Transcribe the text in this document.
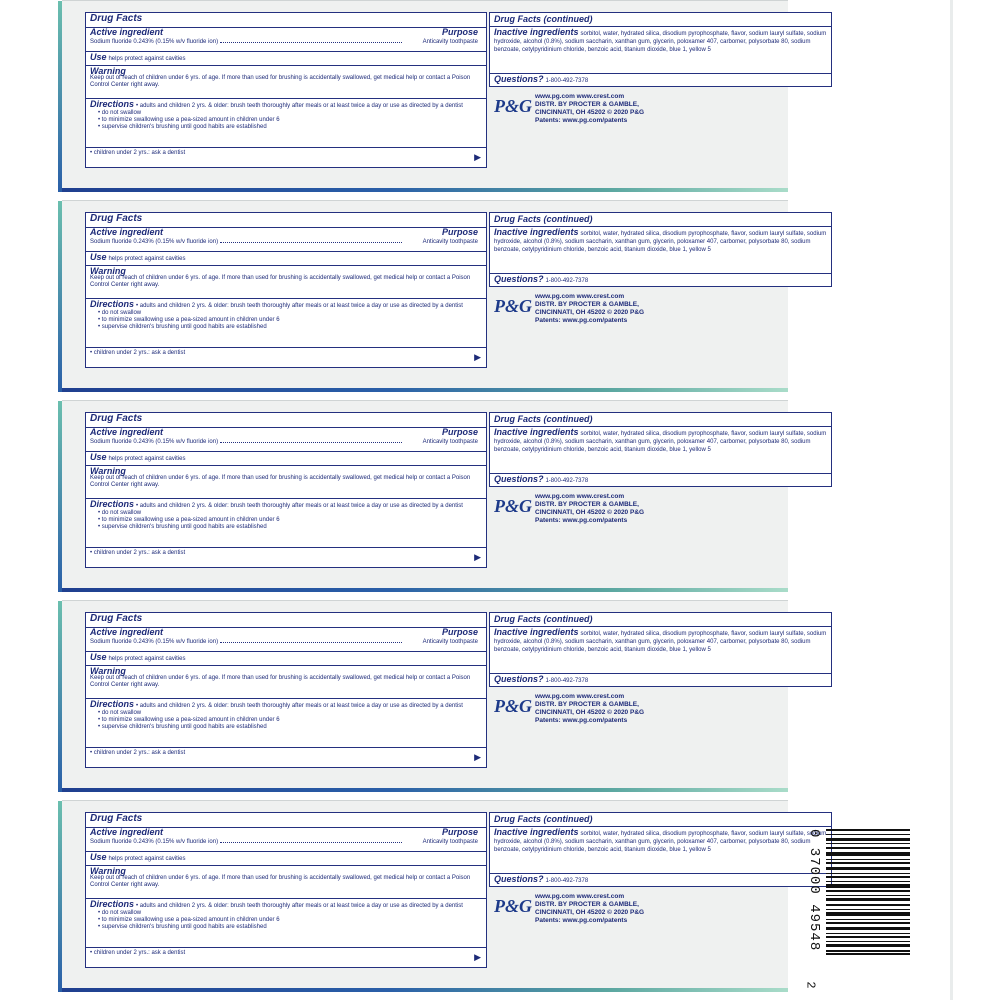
Drug Facts
Active ingredient	Purpose
Sodium fluoride 0.243% (0.15% w/v fluoride ion)	Anticavity toothpaste
Use helps protect against cavities
Warning
Keep out of reach of children under 6 yrs. of age. If more than used for brushing is accidentally swallowed, get medical help or contact a Poison Control Center right away.
Directions • adults and children 2 yrs. & older: brush teeth thoroughly after meals or at least twice a day or use as directed by a dentist
• do not swallow
• to minimize swallowing use a pea-sized amount in children under 6
• supervise children's brushing until good habits are established
• children under 2 yrs.: ask a dentist	▶
Drug Facts (continued)
Inactive ingredients sorbitol, water, hydrated silica, disodium pyrophosphate, flavor, sodium lauryl sulfate, sodium hydroxide, alcohol (0.8%), sodium saccharin, xanthan gum, glycerin, poloxamer 407, carbomer, polysorbate 80, sodium benzoate, cetylpyridinium chloride, benzoic acid, titanium dioxide, blue 1, yellow 5
Questions? 1-800-492-7378
P&G www.pg.com www.crest.com
DISTR. BY PROCTER & GAMBLE,
CINCINNATI, OH 45202 © 2020 P&G
Patents: www.pg.com/patents
Drug Facts
Active ingredient	Purpose
Sodium fluoride 0.243% (0.15% w/v fluoride ion)	Anticavity toothpaste
Use helps protect against cavities
Warning
Keep out of reach of children under 6 yrs. of age. If more than used for brushing is accidentally swallowed, get medical help or contact a Poison Control Center right away.
Directions • adults and children 2 yrs. & older: brush teeth thoroughly after meals or at least twice a day or use as directed by a dentist
• do not swallow
• to minimize swallowing use a pea-sized amount in children under 6
• supervise children's brushing until good habits are established
• children under 2 yrs.: ask a dentist	▶
Drug Facts (continued)
Inactive ingredients sorbitol, water, hydrated silica, disodium pyrophosphate, flavor, sodium lauryl sulfate, sodium hydroxide, alcohol (0.8%), sodium saccharin, xanthan gum, glycerin, poloxamer 407, carbomer, polysorbate 80, sodium benzoate, cetylpyridinium chloride, benzoic acid, titanium dioxide, blue 1, yellow 5
Questions? 1-800-492-7378
P&G www.pg.com www.crest.com
DISTR. BY PROCTER & GAMBLE,
CINCINNATI, OH 45202 © 2020 P&G
Patents: www.pg.com/patents
Drug Facts
Active ingredient	Purpose
Sodium fluoride 0.243% (0.15% w/v fluoride ion)	Anticavity toothpaste
Use helps protect against cavities
Warning
Keep out of reach of children under 6 yrs. of age. If more than used for brushing is accidentally swallowed, get medical help or contact a Poison Control Center right away.
Directions • adults and children 2 yrs. & older: brush teeth thoroughly after meals or at least twice a day or use as directed by a dentist
• do not swallow
• to minimize swallowing use a pea-sized amount in children under 6
• supervise children's brushing until good habits are established
• children under 2 yrs.: ask a dentist	▶
Drug Facts (continued)
Inactive ingredients sorbitol, water, hydrated silica, disodium pyrophosphate, flavor, sodium lauryl sulfate, sodium hydroxide, alcohol (0.8%), sodium saccharin, xanthan gum, glycerin, poloxamer 407, carbomer, polysorbate 80, sodium benzoate, cetylpyridinium chloride, benzoic acid, titanium dioxide, blue 1, yellow 5
Questions? 1-800-492-7378
P&G www.pg.com www.crest.com
DISTR. BY PROCTER & GAMBLE,
CINCINNATI, OH 45202 © 2020 P&G
Patents: www.pg.com/patents
Drug Facts
Active ingredient	Purpose
Sodium fluoride 0.243% (0.15% w/v fluoride ion)	Anticavity toothpaste
Use helps protect against cavities
Warning
Keep out of reach of children under 6 yrs. of age. If more than used for brushing is accidentally swallowed, get medical help or contact a Poison Control Center right away.
Directions • adults and children 2 yrs. & older: brush teeth thoroughly after meals or at least twice a day or use as directed by a dentist
• do not swallow
• to minimize swallowing use a pea-sized amount in children under 6
• supervise children's brushing until good habits are established
• children under 2 yrs.: ask a dentist	▶
Drug Facts (continued)
Inactive ingredients sorbitol, water, hydrated silica, disodium pyrophosphate, flavor, sodium lauryl sulfate, sodium hydroxide, alcohol (0.8%), sodium saccharin, xanthan gum, glycerin, poloxamer 407, carbomer, polysorbate 80, sodium benzoate, cetylpyridinium chloride, benzoic acid, titanium dioxide, blue 1, yellow 5
Questions? 1-800-492-7378
P&G www.pg.com www.crest.com
DISTR. BY PROCTER & GAMBLE,
CINCINNATI, OH 45202 © 2020 P&G
Patents: www.pg.com/patents
Drug Facts
Active ingredient	Purpose
Sodium fluoride 0.243% (0.15% w/v fluoride ion)	Anticavity toothpaste
Use helps protect against cavities
Warning
Keep out of reach of children under 6 yrs. of age. If more than used for brushing is accidentally swallowed, get medical help or contact a Poison Control Center right away.
Directions • adults and children 2 yrs. & older: brush teeth thoroughly after meals or at least twice a day or use as directed by a dentist
• do not swallow
• to minimize swallowing use a pea-sized amount in children under 6
• supervise children's brushing until good habits are established
• children under 2 yrs.: ask a dentist	▶
Drug Facts (continued)
Inactive ingredients sorbitol, water, hydrated silica, disodium pyrophosphate, flavor, sodium lauryl sulfate, sodium hydroxide, alcohol (0.8%), sodium saccharin, xanthan gum, glycerin, poloxamer 407, carbomer, polysorbate 80, sodium benzoate, cetylpyridinium chloride, benzoic acid, titanium dioxide, blue 1, yellow 5
Questions? 1-800-492-7378
P&G www.pg.com www.crest.com
DISTR. BY PROCTER & GAMBLE,
CINCINNATI, OH 45202 © 2020 P&G
Patents: www.pg.com/patents	0 37000 49548
2
